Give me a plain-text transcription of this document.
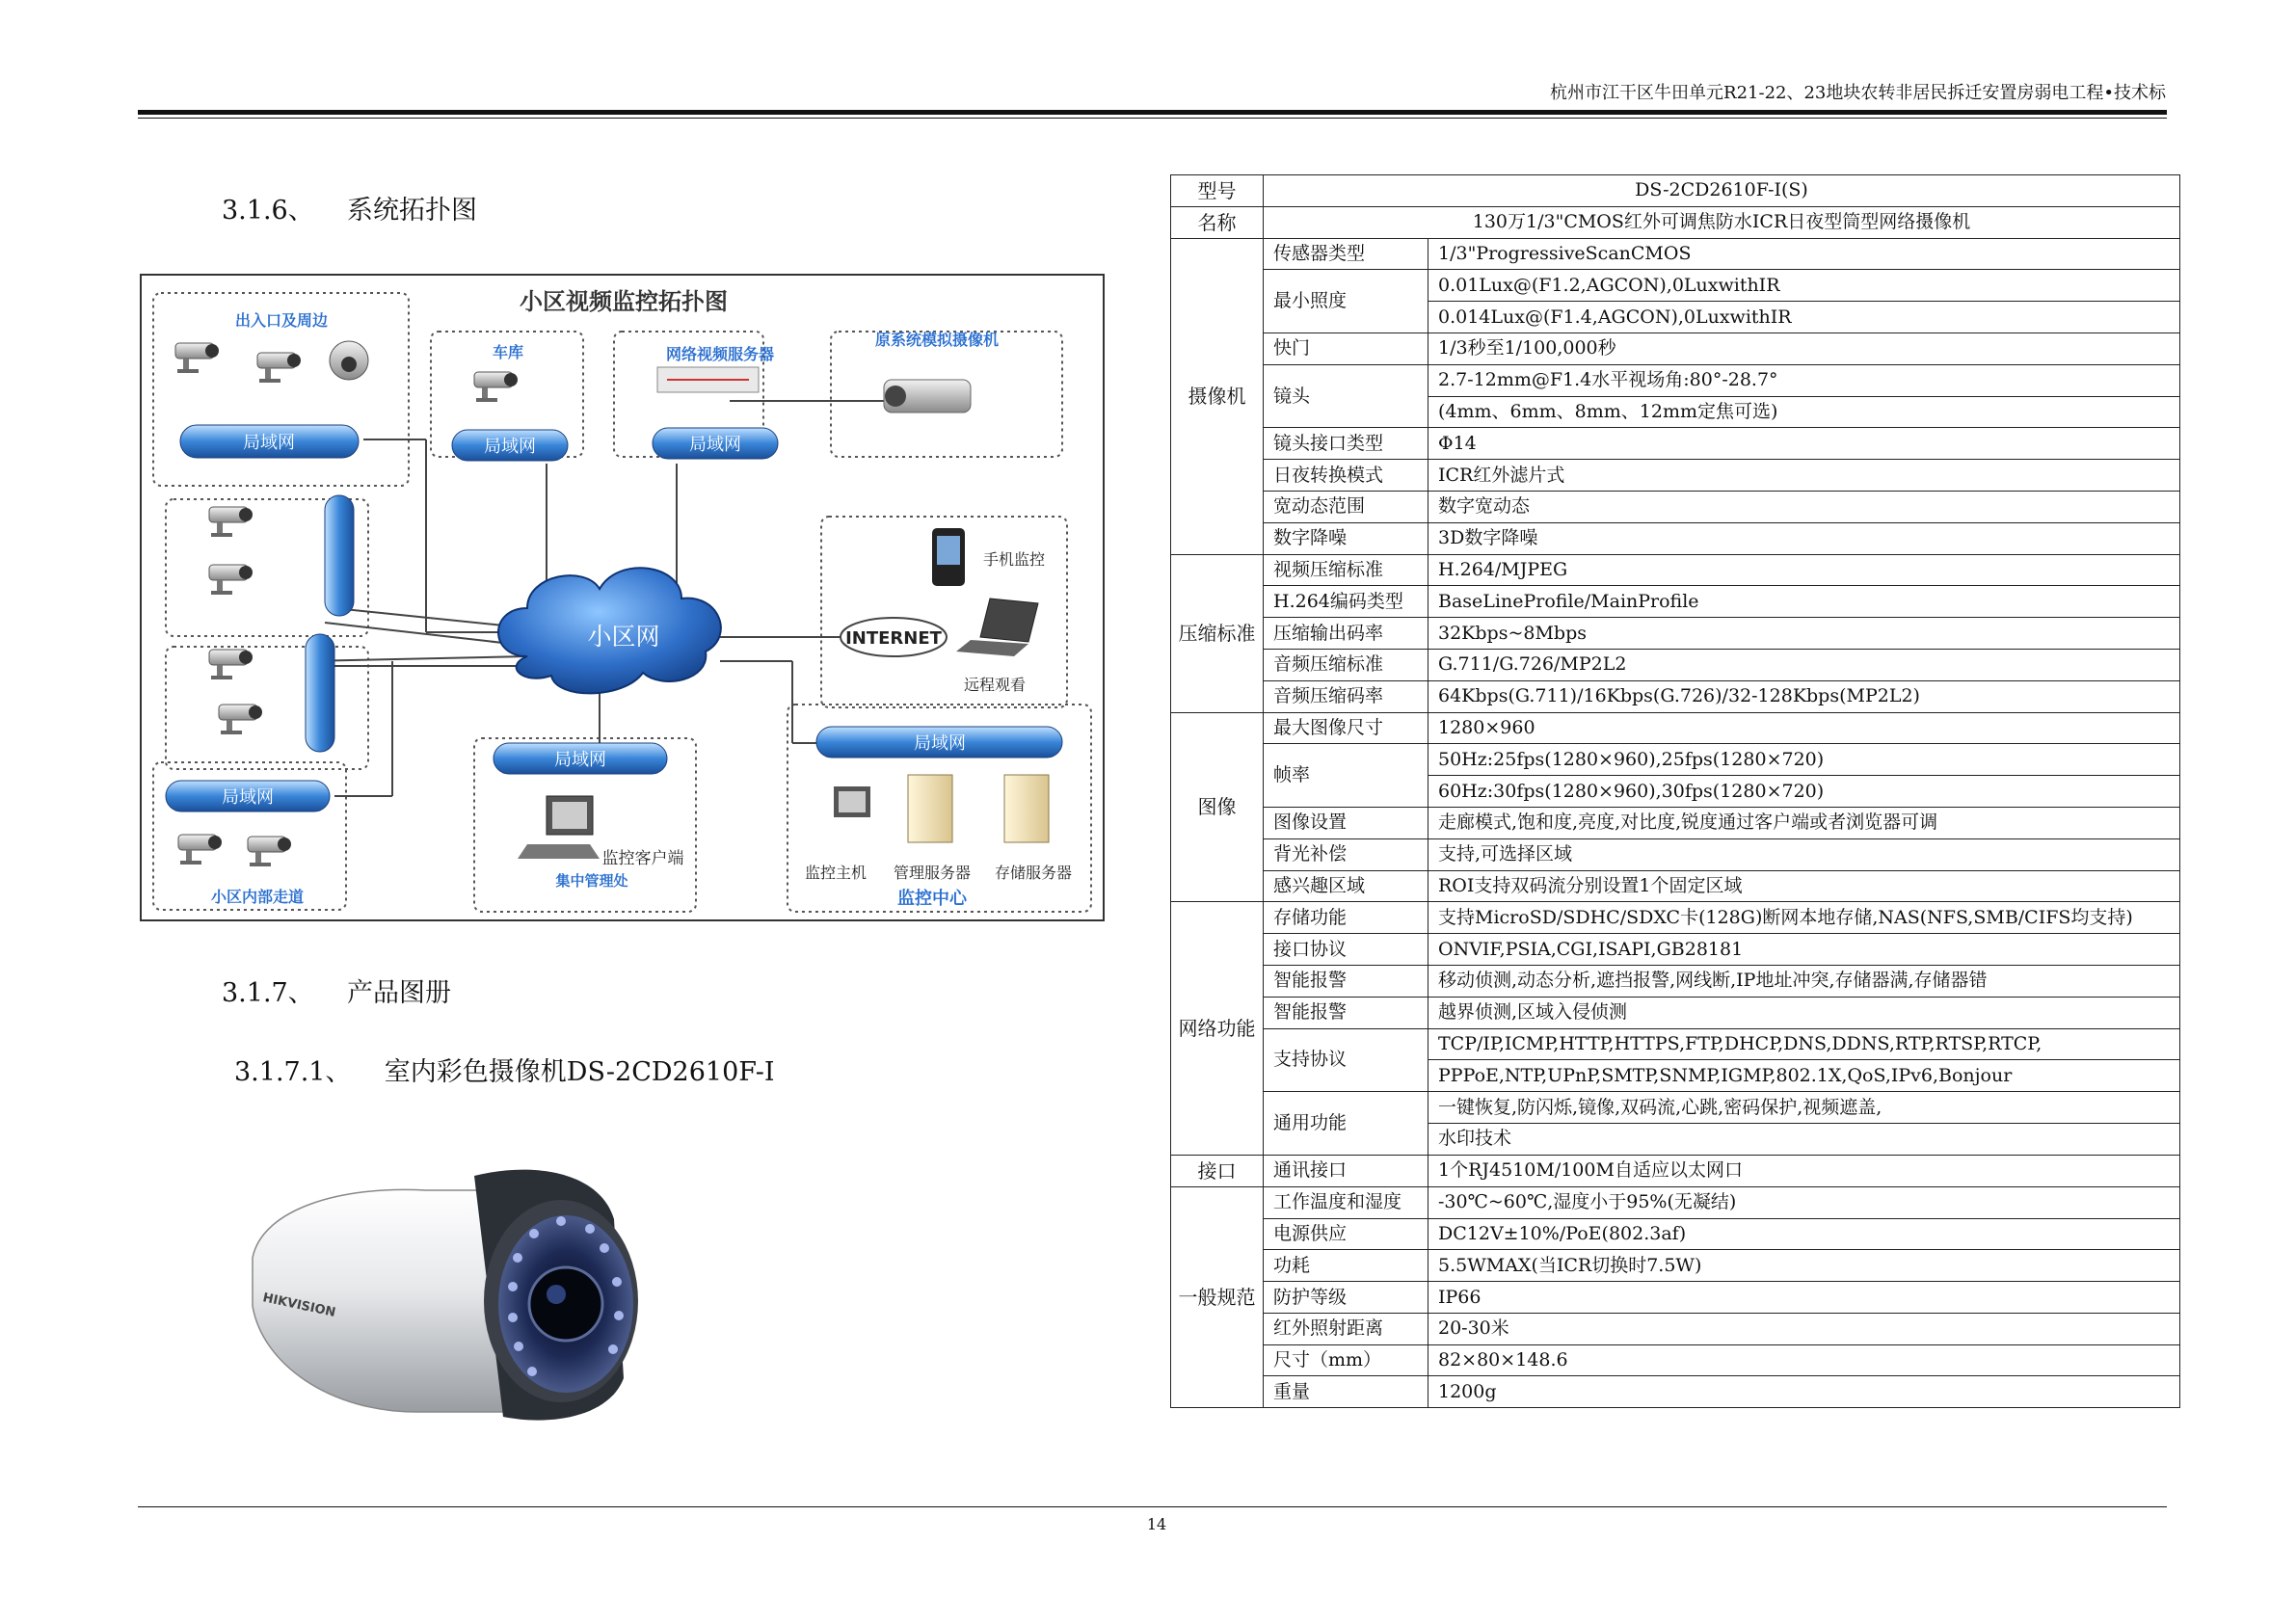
杭州市江干区牛田单元R21-22、23地块农转非居民拆迁安置房弱电工程•技术标
3.1.6、    系统拓扑图
小区视频监控拓扑图
局域网	局域网	局域网
局域网
局域网
局域网
出入口及周边
车库	网络视频服务器
原系统模拟摄像机
小区内部走道
集中管理处
监控中心
小区网	INTERNET
手机监控
远程观看
监控客户端
监控主机 管理服务器 存储服务器
3.1.7、    产品图册
3.1.7.1、    室内彩色摄像机DS-2CD2610F-I
HIKVISION
型号	DS-2CD2610F-I(S)	
名称	130万1/3"CMOS红外可调焦防水ICR日夜型筒型网络摄像机	
摄像机	传感器类型	1/3"ProgressiveScanCMOS
	最小照度	0.01Lux@(F1.2,AGCON),0LuxwithIR
		0.014Lux@(F1.4,AGCON),0LuxwithIR
	快门	1/3秒至1/100,000秒
	镜头	2.7-12mm@F1.4水平视场角:80°-28.7°
		(4mm、6mm、8mm、12mm定焦可选)
	镜头接口类型	Φ14
	日夜转换模式	ICR红外滤片式
	宽动态范围	数字宽动态
	数字降噪	3D数字降噪
压缩标准	视频压缩标准	H.264/MJPEG
	H.264编码类型	BaseLineProfile/MainProfile
	压缩输出码率	32Kbps~8Mbps
	音频压缩标准	G.711/G.726/MP2L2
	音频压缩码率	64Kbps(G.711)/16Kbps(G.726)/32-128Kbps(MP2L2)
图像	最大图像尺寸	1280×960
	帧率	50Hz:25fps(1280×960),25fps(1280×720)
		60Hz:30fps(1280×960),30fps(1280×720)
	图像设置	走廊模式,饱和度,亮度,对比度,锐度通过客户端或者浏览器可调
	背光补偿	支持,可选择区域
	感兴趣区域	ROI支持双码流分别设置1个固定区域
网络功能	存储功能	支持MicroSD/SDHC/SDXC卡(128G)断网本地存储,NAS(NFS,SMB/CIFS均支持)
	接口协议	ONVIF,PSIA,CGI,ISAPI,GB28181
	智能报警	移动侦测,动态分析,遮挡报警,网线断,IP地址冲突,存储器满,存储器错
	智能报警	越界侦测,区域入侵侦测
	支持协议	TCP/IP,ICMP,HTTP,HTTPS,FTP,DHCP,DNS,DDNS,RTP,RTSP,RTCP,
		PPPoE,NTP,UPnP,SMTP,SNMP,IGMP,802.1X,QoS,IPv6,Bonjour
	通用功能	一键恢复,防闪烁,镜像,双码流,心跳,密码保护,视频遮盖,
		水印技术
接口	通讯接口	1个RJ4510M/100M自适应以太网口
一般规范	工作温度和湿度	-30℃~60℃,湿度小于95%(无凝结)
	电源供应	DC12V±10%/PoE(802.3af)
	功耗	5.5WMAX(当ICR切换时7.5W)
	防护等级	IP66
	红外照射距离	20-30米
	尺寸（mm）	82×80×148.6
	重量	1200g
14
